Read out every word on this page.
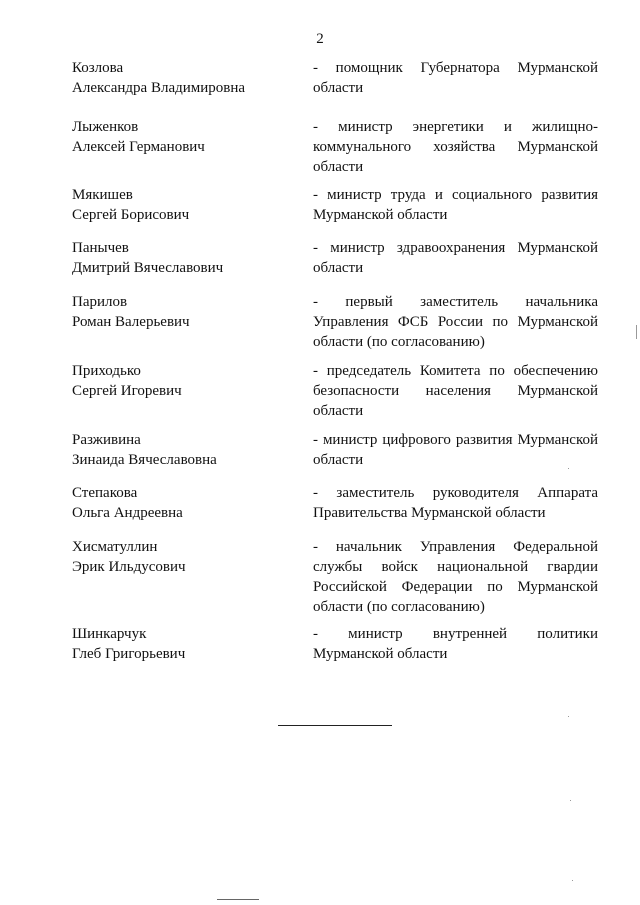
2
Козлова
Александра Владимировна
- помощник Губернатора Мурманской области
Лыженков
Алексей Германович
- министр энергетики и жилищно-коммунального хозяйства Мурманской области
Мякишев
Сергей Борисович
- министр труда и социального развития Мурманской области
Панычев
Дмитрий Вячеславович
- министр здравоохранения Мурманской области
Парилов
Роман Валерьевич
- первый заместитель начальника Управления ФСБ России по Мурманской области (по согласованию)
Приходько
Сергей Игоревич
- председатель Комитета по обеспечению безопасности населения Мурманской области
Разживина
Зинаида Вячеславовна
- министр цифрового развития Мурманской области
Степакова
Ольга Андреевна
- заместитель руководителя Аппарата Правительства Мурманской области
Хисматуллин
Эрик Ильдусович
- начальник Управления Федеральной службы войск национальной гвардии Российской Федерации по Мурманской области (по согласованию)
Шинкарчук
Глеб Григорьевич
- министр внутренней политики Мурманской области
